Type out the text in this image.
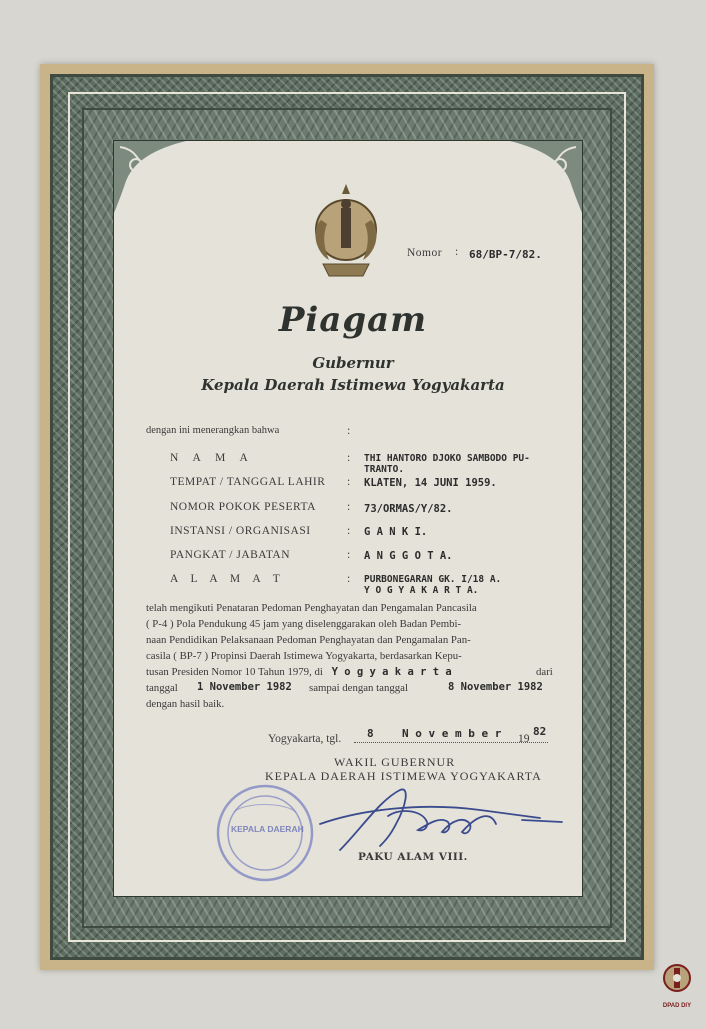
Nomor : 68/BP-7/82.
Piagam
Gubernur
Kepala Daerah Istimewa Yogyakarta
dengan ini menerangkan bahwa	:
N A M A	: THI HANTORO DJOKO SAMBODO PU-
TRANTO.
TEMPAT / TANGGAL LAHIR : KLATEN, 14 JUNI 1959.
NOMOR POKOK PESERTA	: 73/ORMAS/Y/82.
INSTANSI / ORGANISASI	: G A N K I.
PANGKAT / JABATAN	: A N G G O T A.
A L A M A T	: PURBONEGARAN GK. I/18 A.
Y O G Y A K A R T A.
telah mengikuti Penataran Pedoman Penghayatan dan Pengamalan Pancasila
( P-4 ) Pola Pendukung 45 jam yang diselenggarakan oleh Badan Pembi-
naan Pendidikan Pelaksanaan Pedoman Penghayatan dan Pengamalan Pan-
casila ( BP-7 ) Propinsi Daerah Istimewa Yogyakarta, berdasarkan Kepu-
tusan Presiden Nomor 10 Tahun 1979, di Y o g y a k a r t a	dari
tanggal 1 November 1982 sampai dengan tanggal	8 November 1982
dengan hasil baik.
Yogyakarta, tgl. 8	N o v e m b e r 19
82
WAKIL GUBERNUR
KEPALA DAERAH ISTIMEWA YOGYAKARTA
KEPALA DAERAH
PAKU ALAM VIII.
DPAD DIY
